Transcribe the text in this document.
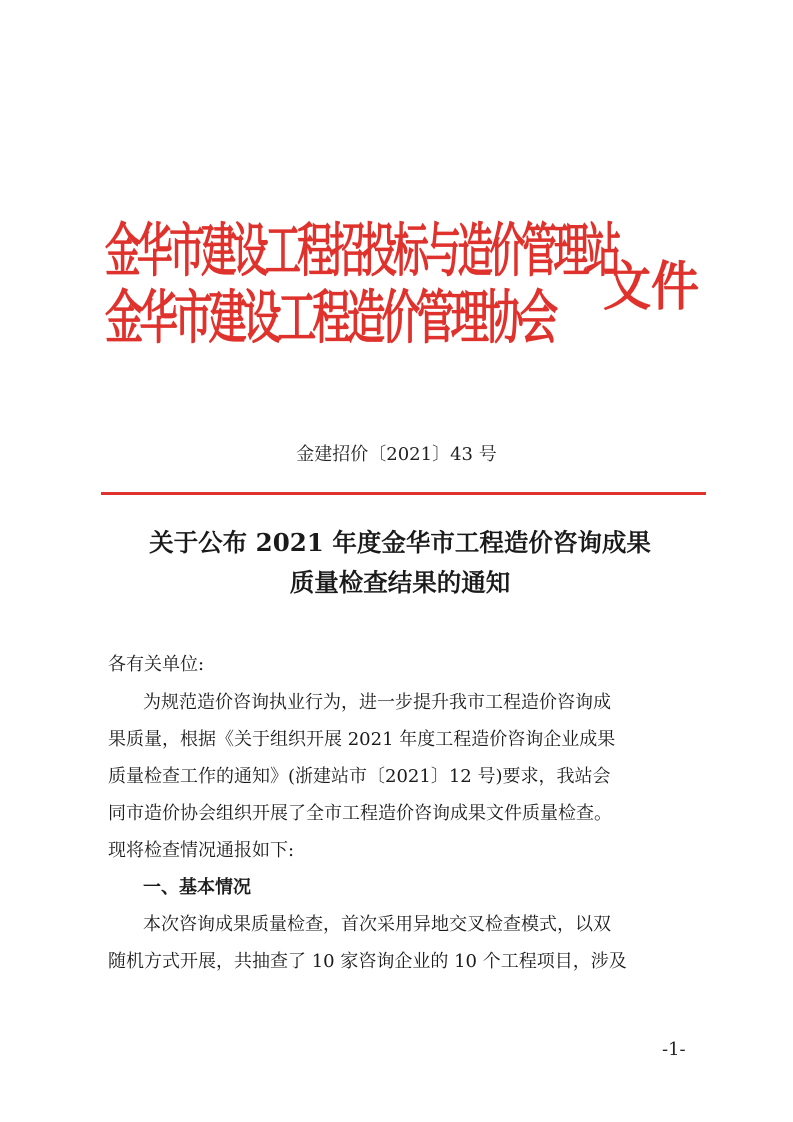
金华市建设工程招投标与造价管理站
金华市建设工程造价管理协会 文件
金建招价〔2021〕43 号
关于公布 2021 年度金华市工程造价咨询成果
质量检查结果的通知
各有关单位:
为规范造价咨询执业行为，进一步提升我市工程造价咨询成
果质量，根据《关于组织开展 2021 年度工程造价咨询企业成果
质量检查工作的通知》(浙建站市〔2021〕12 号)要求，我站会
同市造价协会组织开展了全市工程造价咨询成果文件质量检查。
现将检查情况通报如下:
一、基本情况
本次咨询成果质量检查，首次采用异地交叉检查模式，以双
随机方式开展，共抽查了 10 家咨询企业的 10 个工程项目，涉及
-1-
